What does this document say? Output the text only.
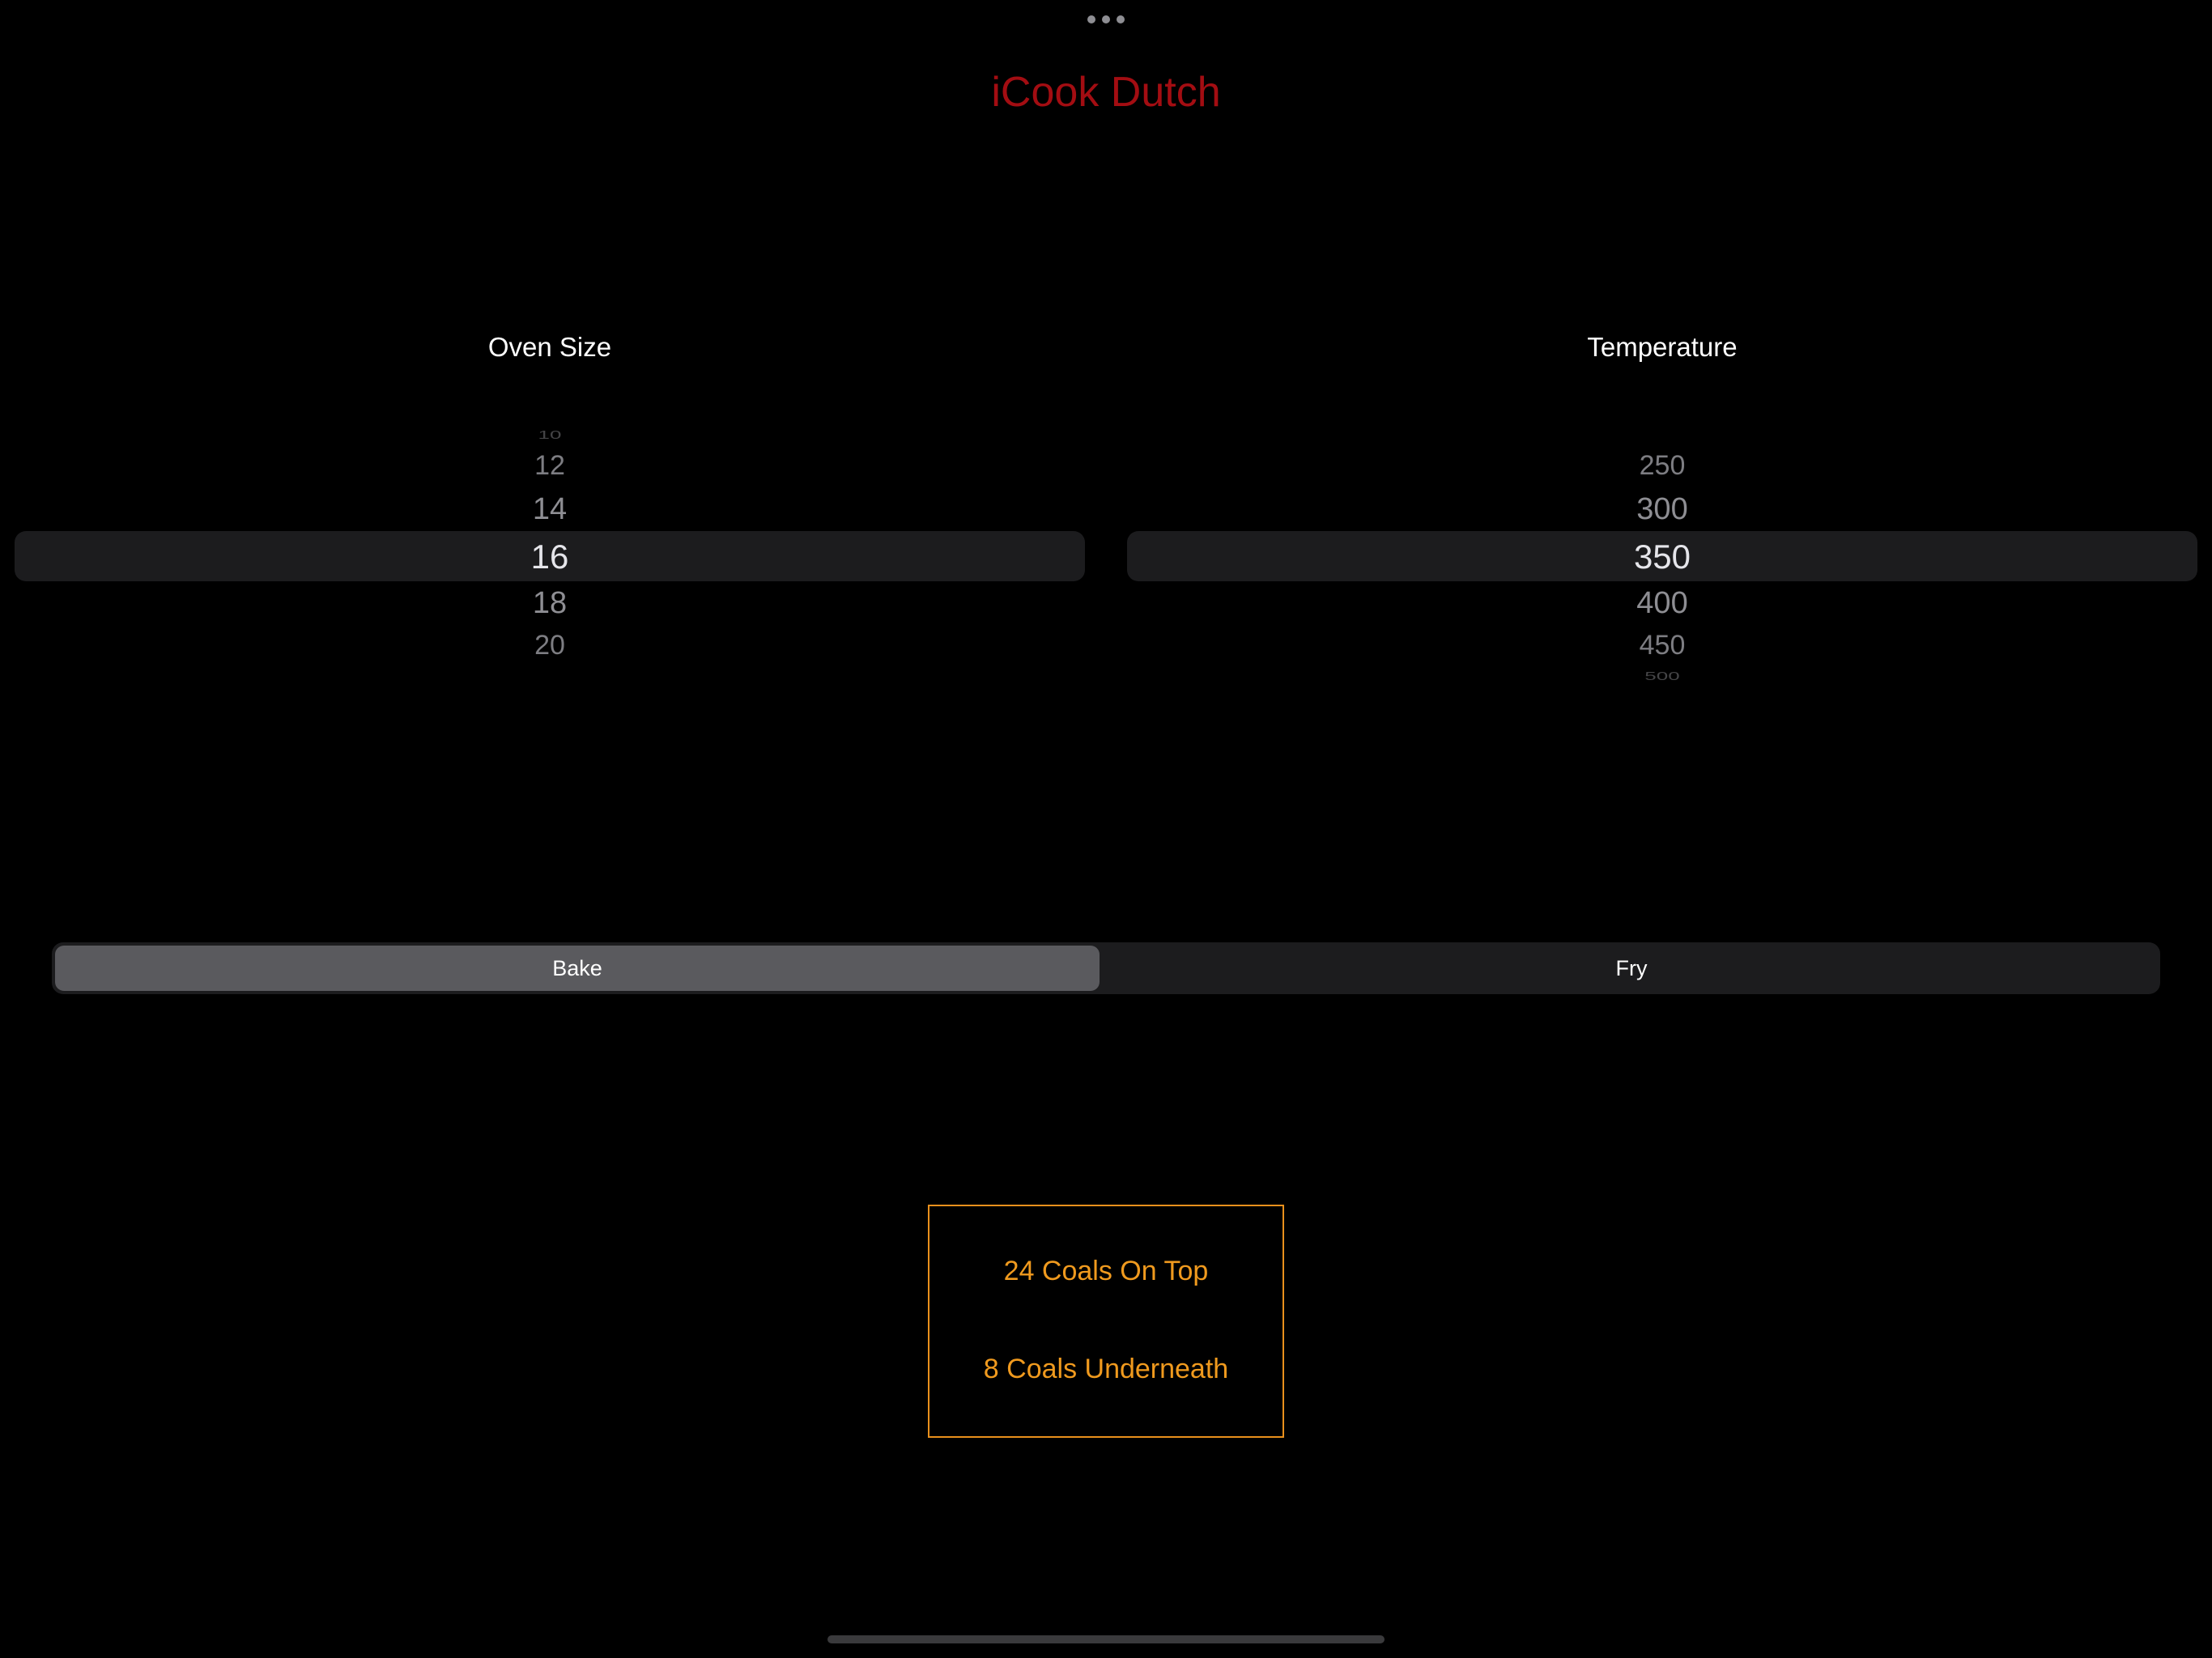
iCook Dutch
Oven Size
10
12
14
16
18
20
Temperature
250
300
350
400
450
500
Bake	Fry
24 Coals On Top
8 Coals Underneath
